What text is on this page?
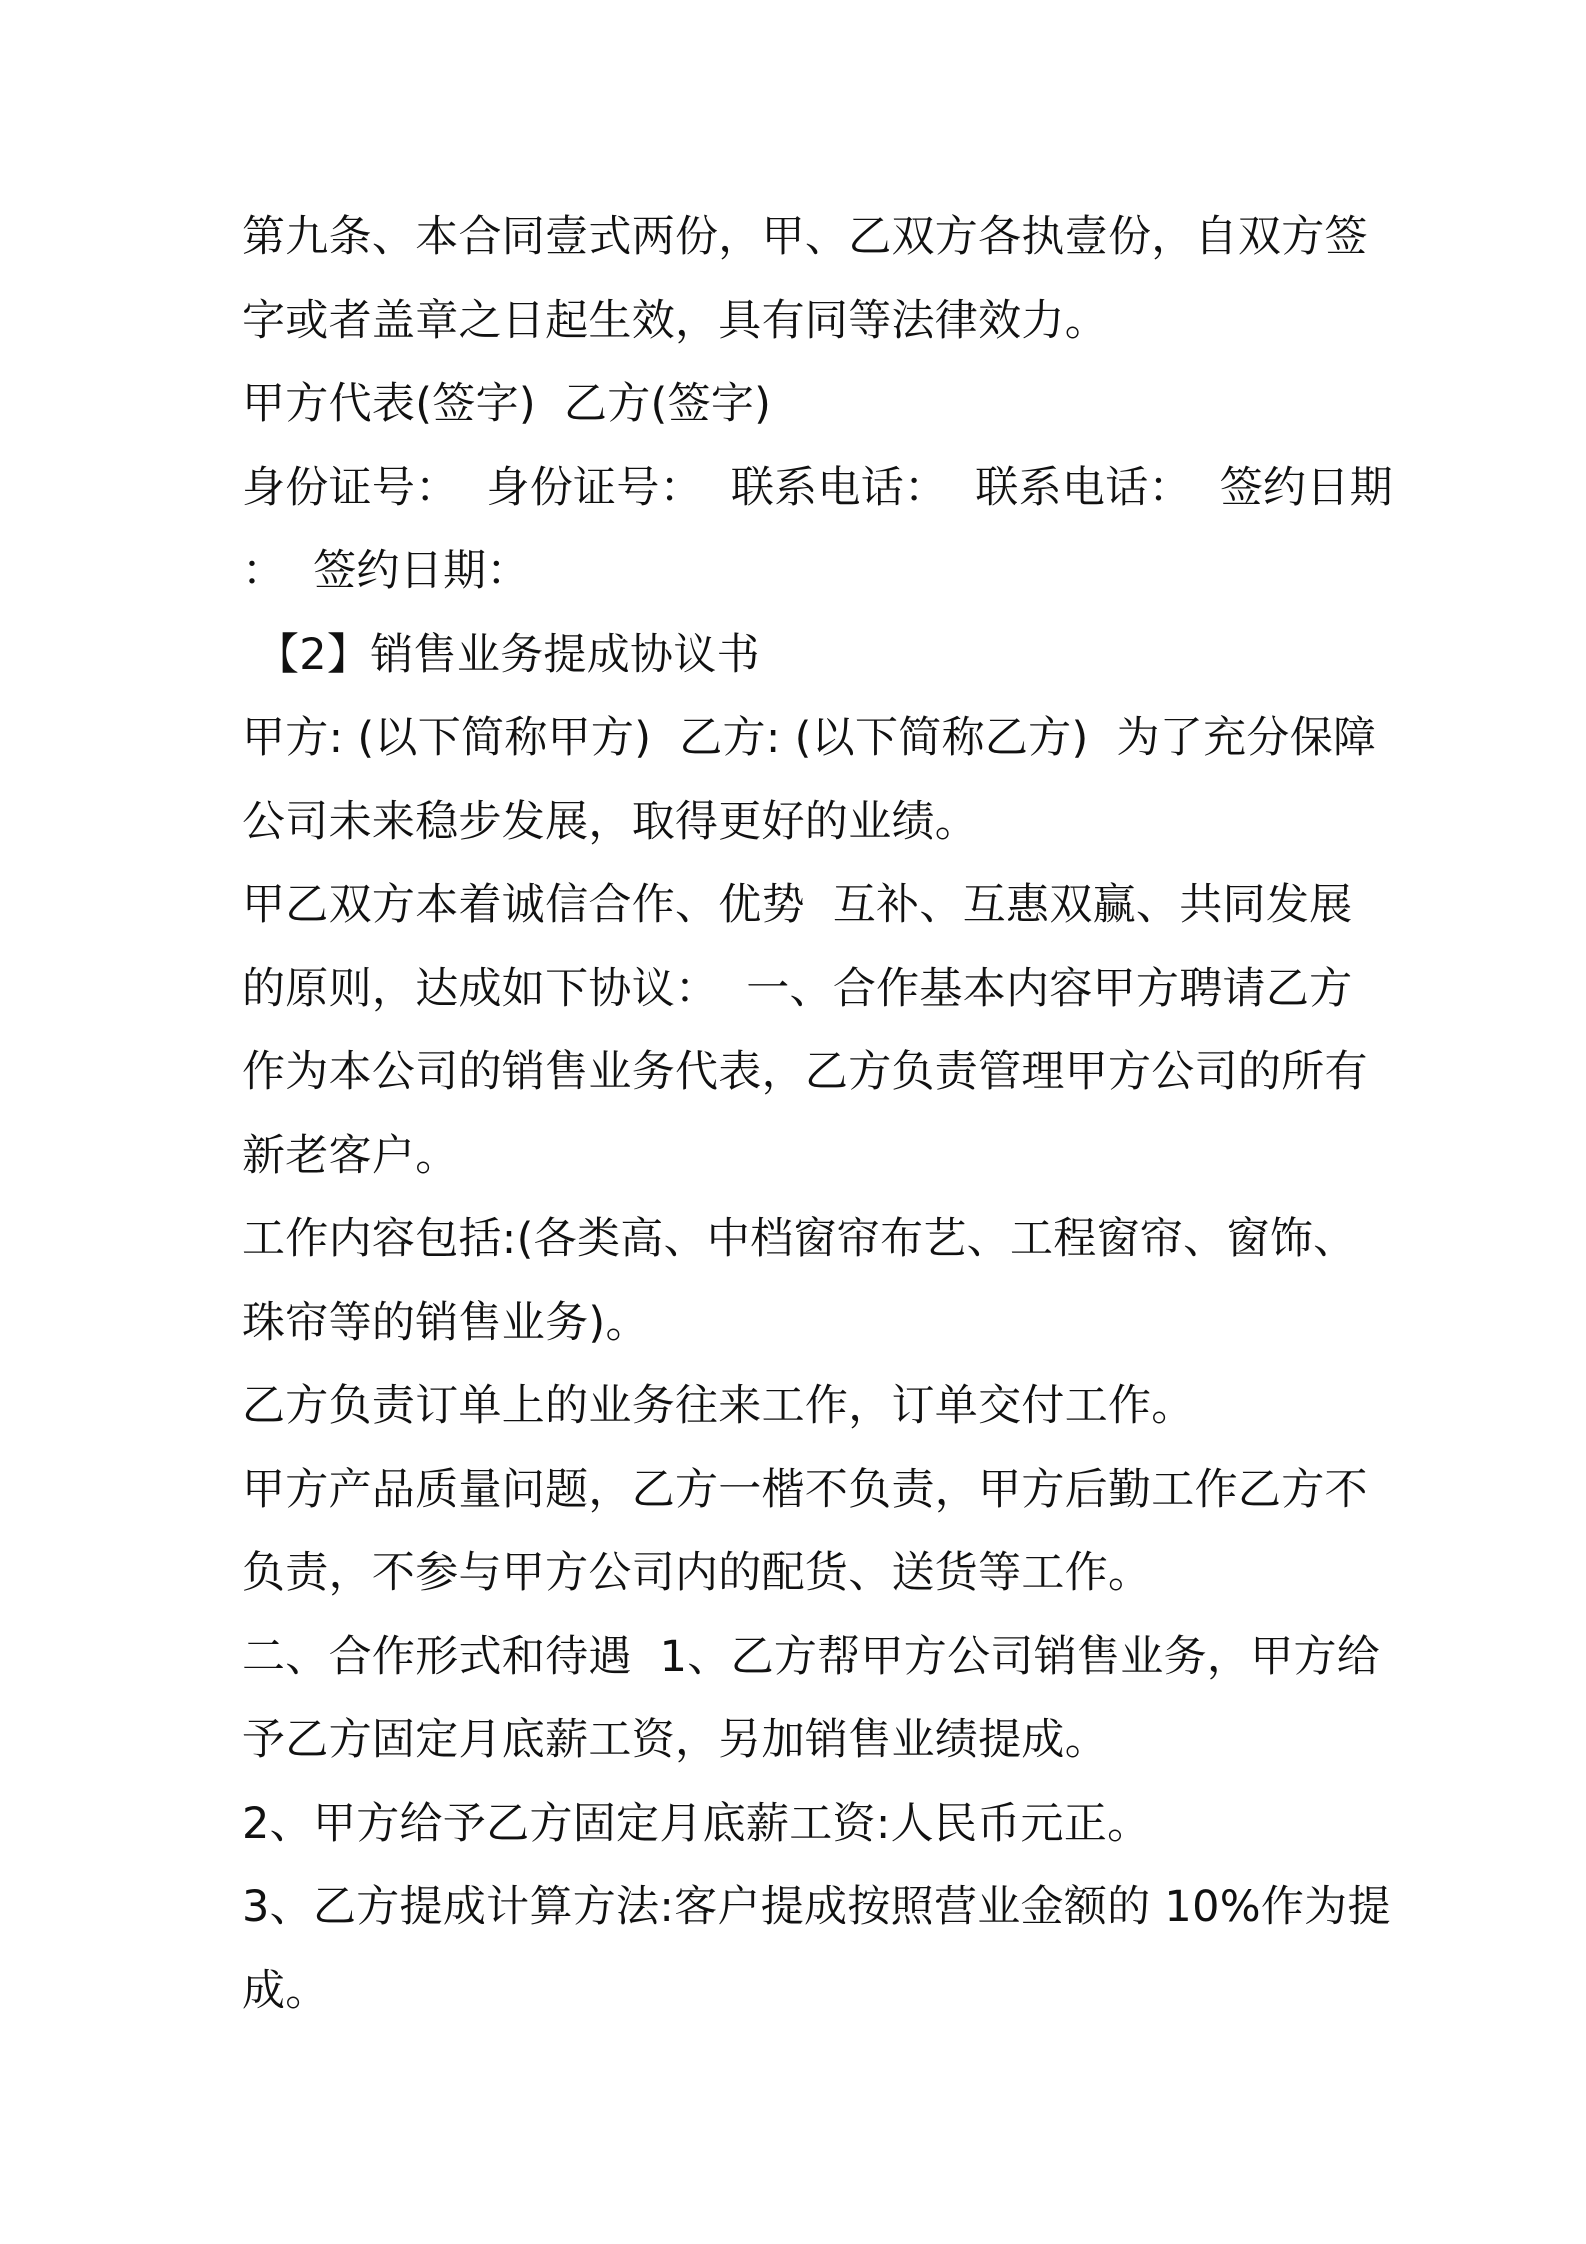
第九条、本合同壹式两份，甲、乙双方各执壹份，自双方签
字或者盖章之日起生效，具有同等法律效力。
甲方代表(签字)  乙方(签字)
身份证号：  身份证号：  联系电话：  联系电话：  签约日期
：  签约日期：
【2】销售业务提成协议书
甲方: (以下简称甲方)  乙方: (以下简称乙方)  为了充分保障
公司未来稳步发展，取得更好的业绩。
甲乙双方本着诚信合作、优势  互补、互惠双赢、共同发展
的原则，达成如下协议：  一、合作基本内容甲方聘请乙方
作为本公司的销售业务代表，乙方负责管理甲方公司的所有
新老客户。
工作内容包括:(各类高、中档窗帘布艺、工程窗帘、窗饰、
珠帘等的销售业务)。
乙方负责订单上的业务往来工作，订单交付工作。
甲方产品质量问题，乙方一楷不负责，甲方后勤工作乙方不
负责，不参与甲方公司内的配货、送货等工作。
二、合作形式和待遇  1、乙方帮甲方公司销售业务，甲方给
予乙方固定月底薪工资，另加销售业绩提成。
2、甲方给予乙方固定月底薪工资:人民币元正。
3、乙方提成计算方法:客户提成按照营业金额的 10%作为提
成。
